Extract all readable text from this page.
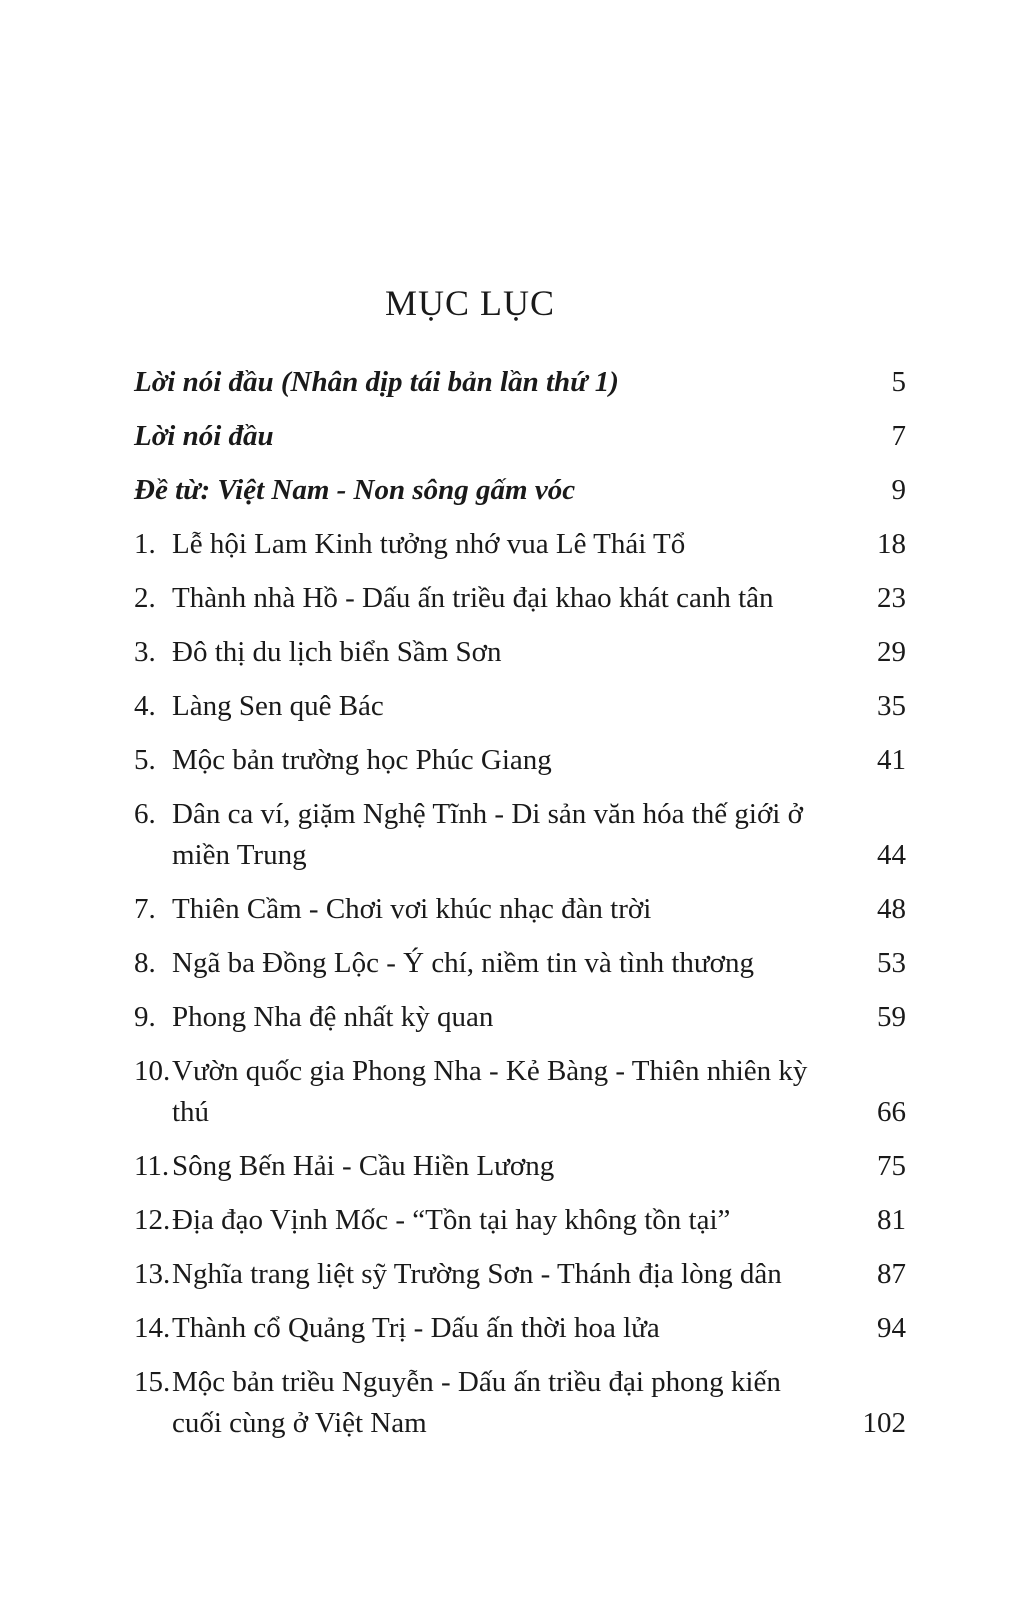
MỤC LỤC
Lời nói đầu (Nhân dịp tái bản lần thứ 1)	5
Lời nói đầu	7
Đề từ: Việt Nam - Non sông gấm vóc	9
1. Lễ hội Lam Kinh tưởng nhớ vua Lê Thái Tổ	18
2. Thành nhà Hồ - Dấu ấn triều đại khao khát canh tân	23
3. Đô thị du lịch biển Sầm Sơn	29
4. Làng Sen quê Bác	35
5. Mộc bản trường học Phúc Giang	41
6. Dân ca ví, giặm Nghệ Tĩnh - Di sản văn hóa thế giới ở miền Trung	44
7. Thiên Cầm - Chơi vơi khúc nhạc đàn trời	48
8. Ngã ba Đồng Lộc - Ý chí, niềm tin và tình thương	53
9. Phong Nha đệ nhất kỳ quan	59
10. Vườn quốc gia Phong Nha - Kẻ Bàng - Thiên nhiên kỳ thú	66
11. Sông Bến Hải - Cầu Hiền Lương	75
12. Địa đạo Vịnh Mốc - “Tồn tại hay không tồn tại”	81
13. Nghĩa trang liệt sỹ Trường Sơn - Thánh địa lòng dân	87
14. Thành cổ Quảng Trị - Dấu ấn thời hoa lửa	94
15. Mộc bản triều Nguyễn - Dấu ấn triều đại phong kiến cuối cùng ở Việt Nam	102
